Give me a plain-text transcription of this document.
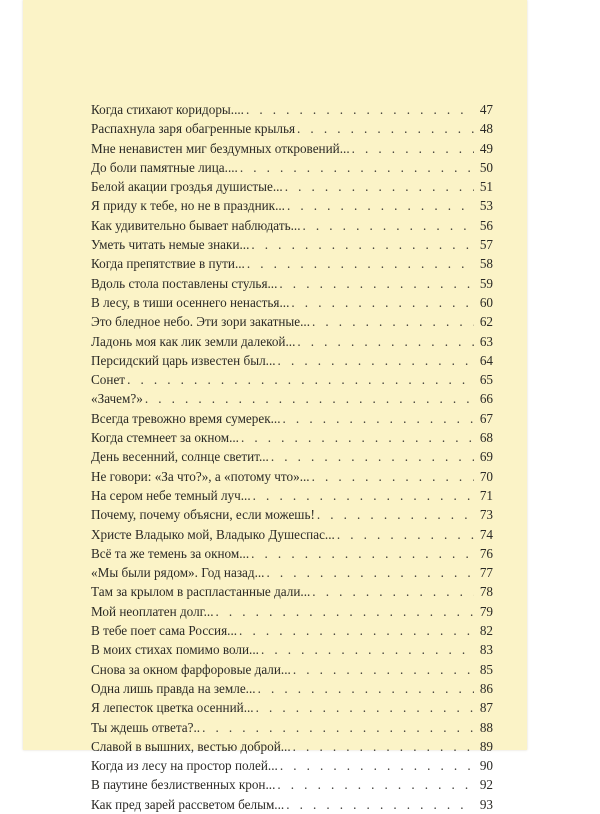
Когда стихают коридоры.... . . .	47
Распахнула заря обагренные крылья . . .	48
Мне ненавистен миг бездумных откровений... . . .	49
До боли памятные лица.... . . .	50
Белой акации гроздья душистые... . . .	51
Я приду к тебе, но не в праздник... . . .	53
Как удивительно бывает наблюдать... . . .	56
Уметь читать немые знаки... . . .	57
Когда препятствие в пути... . . .	58
Вдоль стола поставлены стулья... . . .	59
В лесу, в тиши осеннего ненастья... . . .	60
Это бледное небо. Эти зори закатные... . . .	62
Ладонь моя как лик земли далекой... . . .	63
Персидский царь известен был... . . .	64
Сонет . . .	65
«Зачем?» . . .	66
Всегда тревожно время сумерек... . . .	67
Когда стемнеет за окном... . . .	68
День весенний, солнце светит... . . .	69
Не говори: «За что?», а «потому что»... . . .	70
На сером небе темный луч... . . .	71
Почему, почему объясни, если можешь! . . .	73
Христе Владыко мой, Владыко Душеспас... . . .	74
Всё та же темень за окном... . . .	76
«Мы были рядом». Год назад... . . .	77
Там за крылом в распластанные дали... . . .	78
Мой неоплатен долг... . . .	79
В тебе поет сама Россия... . . .	82
В моих стихах помимо воли... . . .	83
Снова за окном фарфоровые дали... . . .	85
Одна лишь правда на земле... . . .	86
Я лепесток цветка осенний... . . .	87
Ты ждешь ответа?.. . . .	88
Славой в вышних, вестью доброй... . . .	89
Когда из лесу на простор полей... . . .	90
В паутине безлиственных крон... . . .	92
Как пред зарей рассветом белым... . . .	93
